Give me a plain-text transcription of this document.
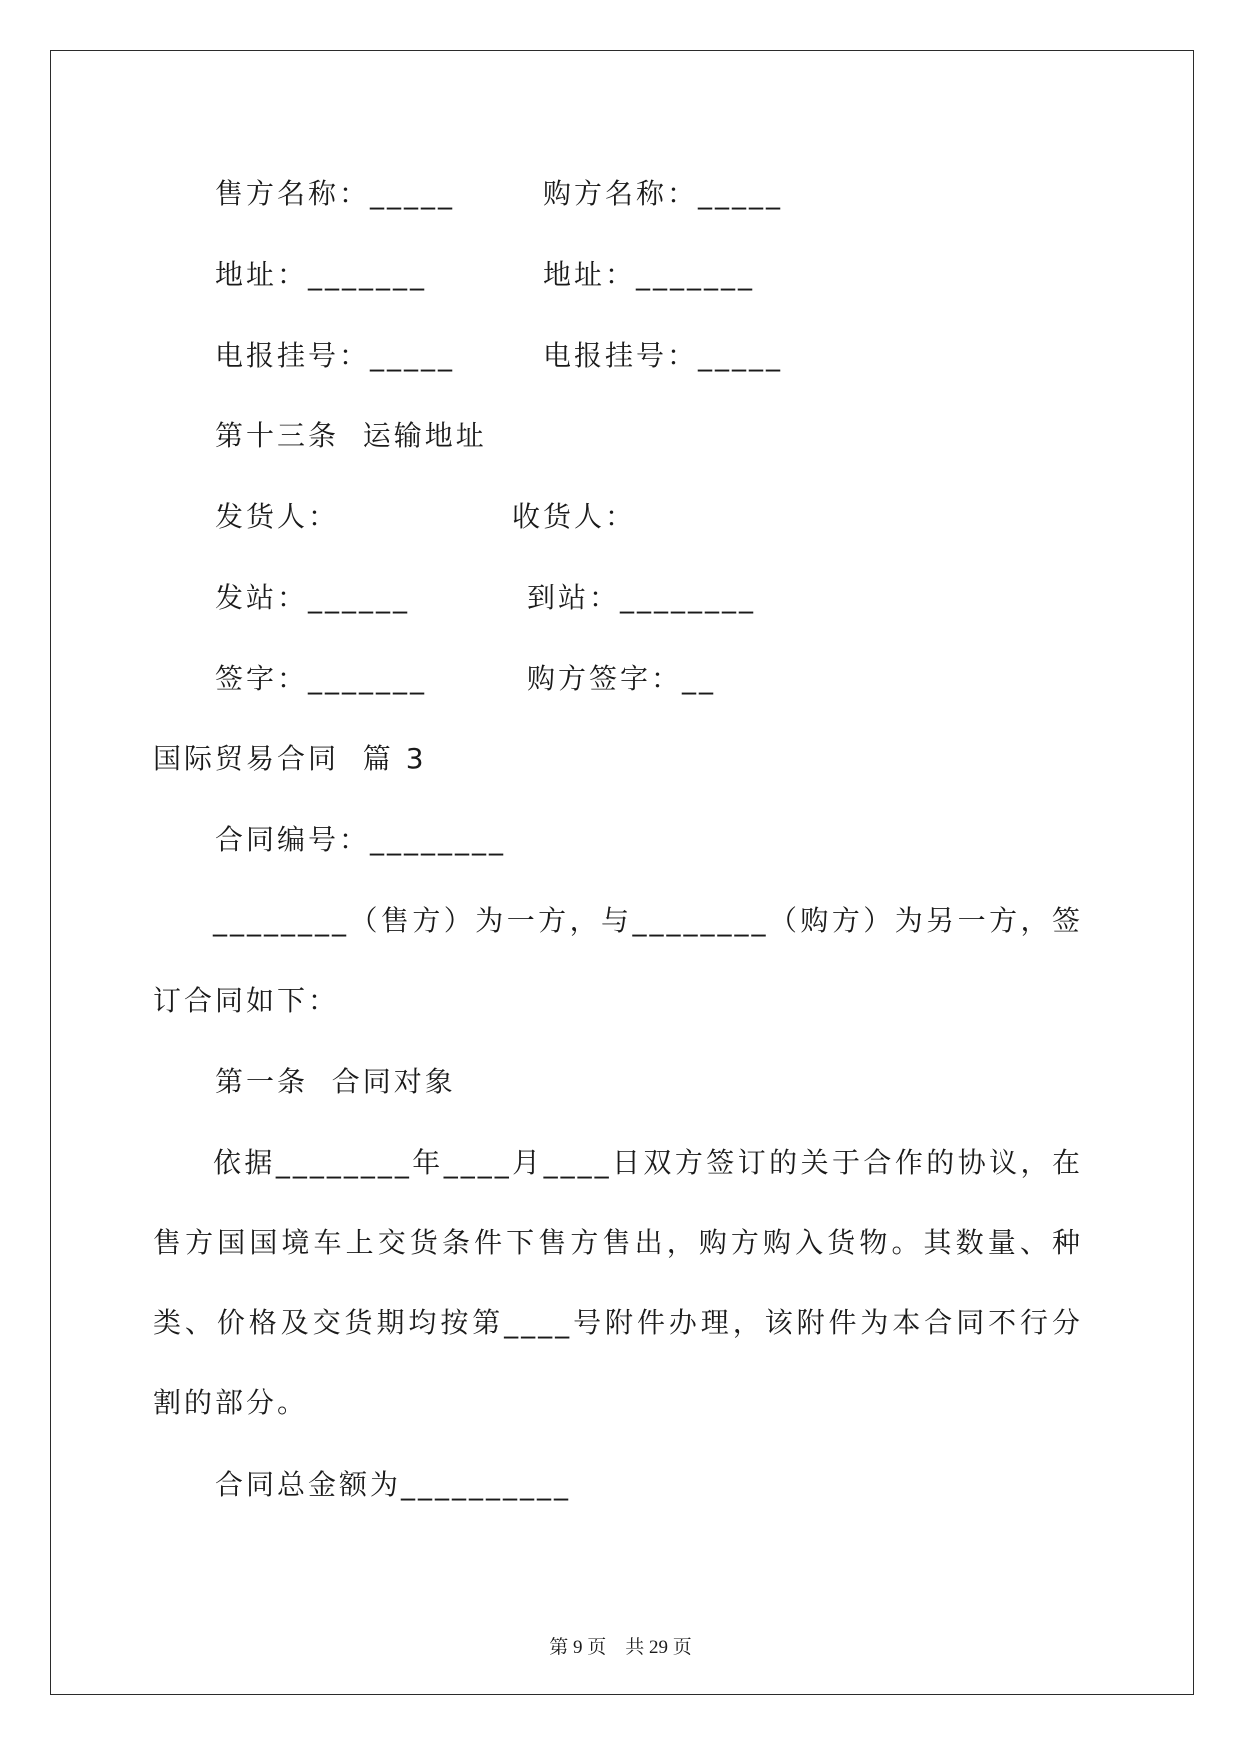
售方名称：_____	购方名称：_____
地址：_______	地址：_______
电报挂号：_____	电报挂号：_____
第十三条  运输地址
发货人：	收货人：
发站：______	到站：________
签字：_______	购方签字：__
国际贸易合同  篇 3
合同编号：________
________（售方）为一方，与________（购方）为另一方，签订合同如下：
第一条  合同对象
依据________年____月____日双方签订的关于合作的协议，在售方国国境车上交货条件下售方售出，购方购入货物。其数量、种类、价格及交货期均按第____号附件办理，该附件为本合同不行分割的部分。
合同总金额为__________
第 9 页    共 29 页
